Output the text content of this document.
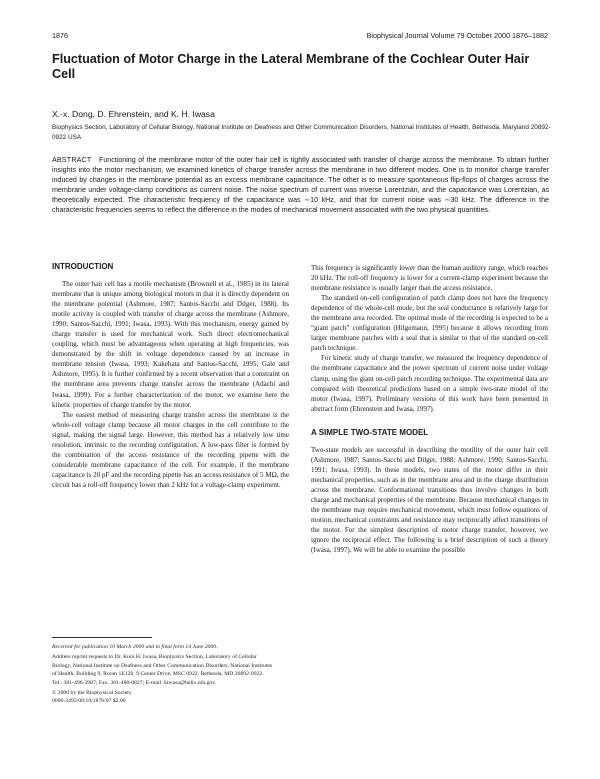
1876	Biophysical Journal Volume 79 October 2000 1876–1882
Fluctuation of Motor Charge in the Lateral Membrane of the Cochlear Outer Hair Cell
X.-x. Dong, D. Ehrenstein, and K. H. Iwasa
Biophysics Section, Laboratory of Cellular Biology, National Institute on Deafness and Other Communication Disorders, National Institutes of Health, Bethesda, Maryland 20892-0922 USA

ABSTRACT Functioning of the membrane motor of the outer hair cell is tightly associated with transfer of charge across the membrane. To obtain further insights into the motor mechanism, we examined kinetics of charge transfer across the membrane in two different modes. One is to monitor charge transfer induced by changes in the membrane potential as an excess membrane capacitance. The other is to measure spontaneous flip-flops of charges across the membrane under voltage-clamp conditions as current noise. The noise spectrum of current was inverse Lorentzian, and the capacitance was Lorentzian, as theoretically expected. The characteristic frequency of the capacitance was ∼10 kHz, and that for current noise was ∼30 kHz. The difference in the characteristic frequencies seems to reflect the difference in the modes of mechanical movement associated with the two physical quantities.

INTRODUCTION

The outer hair cell has a motile mechanism (Brownell et al., 1985) in its lateral membrane that is unique among biological motors in that it is directly dependent on the membrane potential (Ashmore, 1987; Santos-Sacchi and Dilger, 1988). Its motile activity is coupled with transfer of charge across the membrane (Ashmore, 1990; Santos-Sacchi, 1991; Iwasa, 1993). With this mechanism, energy gained by charge transfer is used for mechanical work. Such direct electromechanical coupling, which must be advantageous when operating at high frequencies, was demonstrated by the shift in voltage dependence caused by an increase in membrane tension (Iwasa, 1993; Kakehata and Santos-Sacchi, 1995; Gale and Ashmore, 1995). It is further confirmed by a recent observation that a constraint on the membrane area prevents charge transfer across the membrane (Adachi and Iwasa, 1999). For a further characterization of the motor, we examine here the kinetic properties of charge transfer by the motor.

The easiest method of measuring charge transfer across the membrane is the whole-cell voltage clamp because all motor charges in the cell contribute to the signal, making the signal large. However, this method has a relatively low time resolution, intrinsic to the recording configuration. A low-pass filter is formed by the combination of the access resistance of the recording pipette with the considerable membrane capacitance of the cell. For example, if the membrane capacitance is 20 pF and the recording pipette has an access resistance of 5 MΩ, the circuit has a roll-off frequency lower than 2 kHz for a voltage-clamp experiment.

This frequency is significantly lower than the human auditory range, which reaches 20 kHz. The roll-off frequency is lower for a current-clamp experiment because the membrane resistance is usually larger than the access resistance.

The standard on-cell configuration of patch clamp does not have the frequency dependence of the whole-cell mode, but the seal conductance is relatively large for the membrane area recorded. The optimal mode of the recording is expected to be a “giant patch” configuration (Hilgemann, 1995) because it allows recording from larger membrane patches with a seal that is similar to that of the standard on-cell patch technique.

For kinetic study of charge transfer, we measured the frequency dependence of the membrane capacitance and the power spectrum of current noise under voltage clamp, using the giant on-cell patch recording technique. The experimental data are compared with theoretical predictions based on a simple two-state model of the motor (Iwasa, 1997). Preliminary versions of this work have been presented in abstract form (Ehrenstein and Iwasa, 1997).

A SIMPLE TWO-STATE MODEL

Two-state models are successful in describing the motility of the outer hair cell (Ashmore, 1987; Santos-Sacchi and Dilger, 1988; Ashmore, 1990; Santos-Sacchi, 1991; Iwasa, 1993). In these models, two states of the motor differ in their mechanical properties, such as in the membrane area and in the charge distribution across the membrane. Conformational transitions thus involve changes in both charge and mechanical properties of the membrane. Because mechanical changes in the membrane may require mechanical movement, which must follow equations of motion, mechanical constraints and resistance may reciprocally affect transitions of the motor. For the simplest description of motor charge transfer, however, we ignore the reciprocal effect. The following is a brief description of such a theory (Iwasa, 1997). We will be able to examine the possible

Received for publication 10 March 2000 and in final form 14 June 2000.
Address reprint requests to Dr. Kuni H. Iwasa, Biophysics Section, Laboratory of Cellular Biology, National Institute on Deafness and Other Communication Disorders, National Institutes of Health, Building 9, Room 1E120, 9 Center Drive, MSC 0922, Bethesda, MD 20892-0922. Tel.: 301-496-3987; Fax: 301-480-0827; E-mail: kiwasa@helix.nih.gov.
© 2000 by the Biophysical Society
0006-3495/00/10/1876/07 $2.00
